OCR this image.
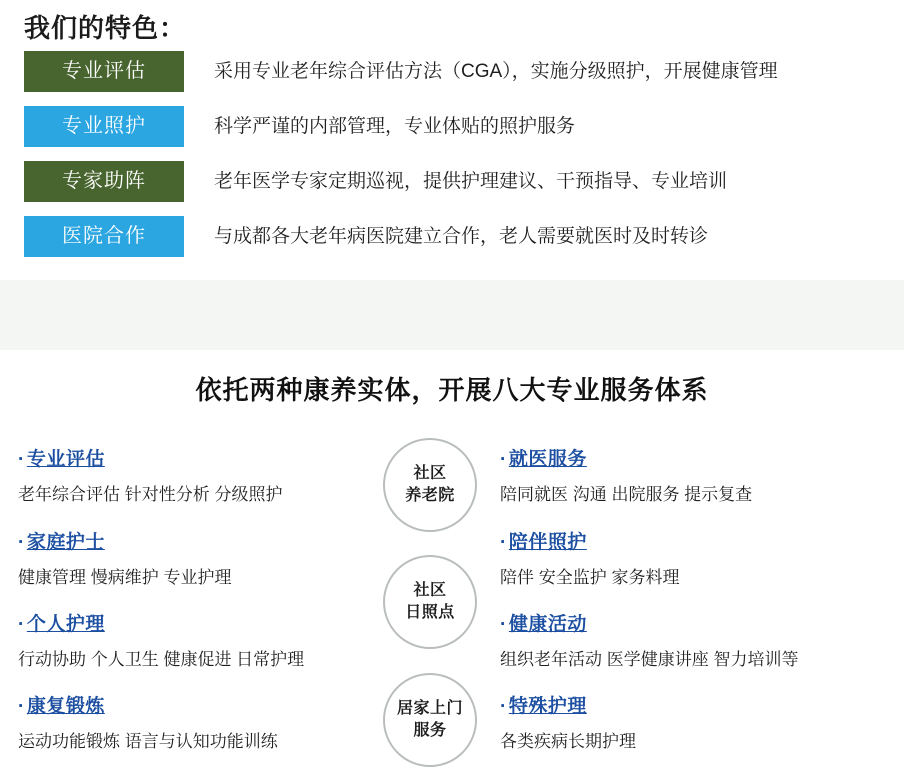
我们的特色：
专业评估	采用专业老年综合评估方法（CGA），实施分级照护，开展健康管理
专业照护	科学严谨的内部管理，专业体贴的照护服务
专家助阵	老年医学专家定期巡视，提供护理建议、干预指导、专业培训
医院合作	与成都各大老年病医院建立合作，老人需要就医时及时转诊
依托两种康养实体，开展八大专业服务体系
· 专业评估
老年综合评估 针对性分析 分级照护
· 家庭护士
健康管理 慢病维护 专业护理
· 个人护理
行动协助 个人卫生 健康促进 日常护理
· 康复锻炼
运动功能锻炼 语言与认知功能训练
· 就医服务
陪同就医 沟通 出院服务 提示复查
· 陪伴照护
陪伴 安全监护 家务料理
· 健康活动
组织老年活动 医学健康讲座 智力培训等
· 特殊护理
各类疾病长期护理
社区
养老院
社区
日照点
居家上门
服务
